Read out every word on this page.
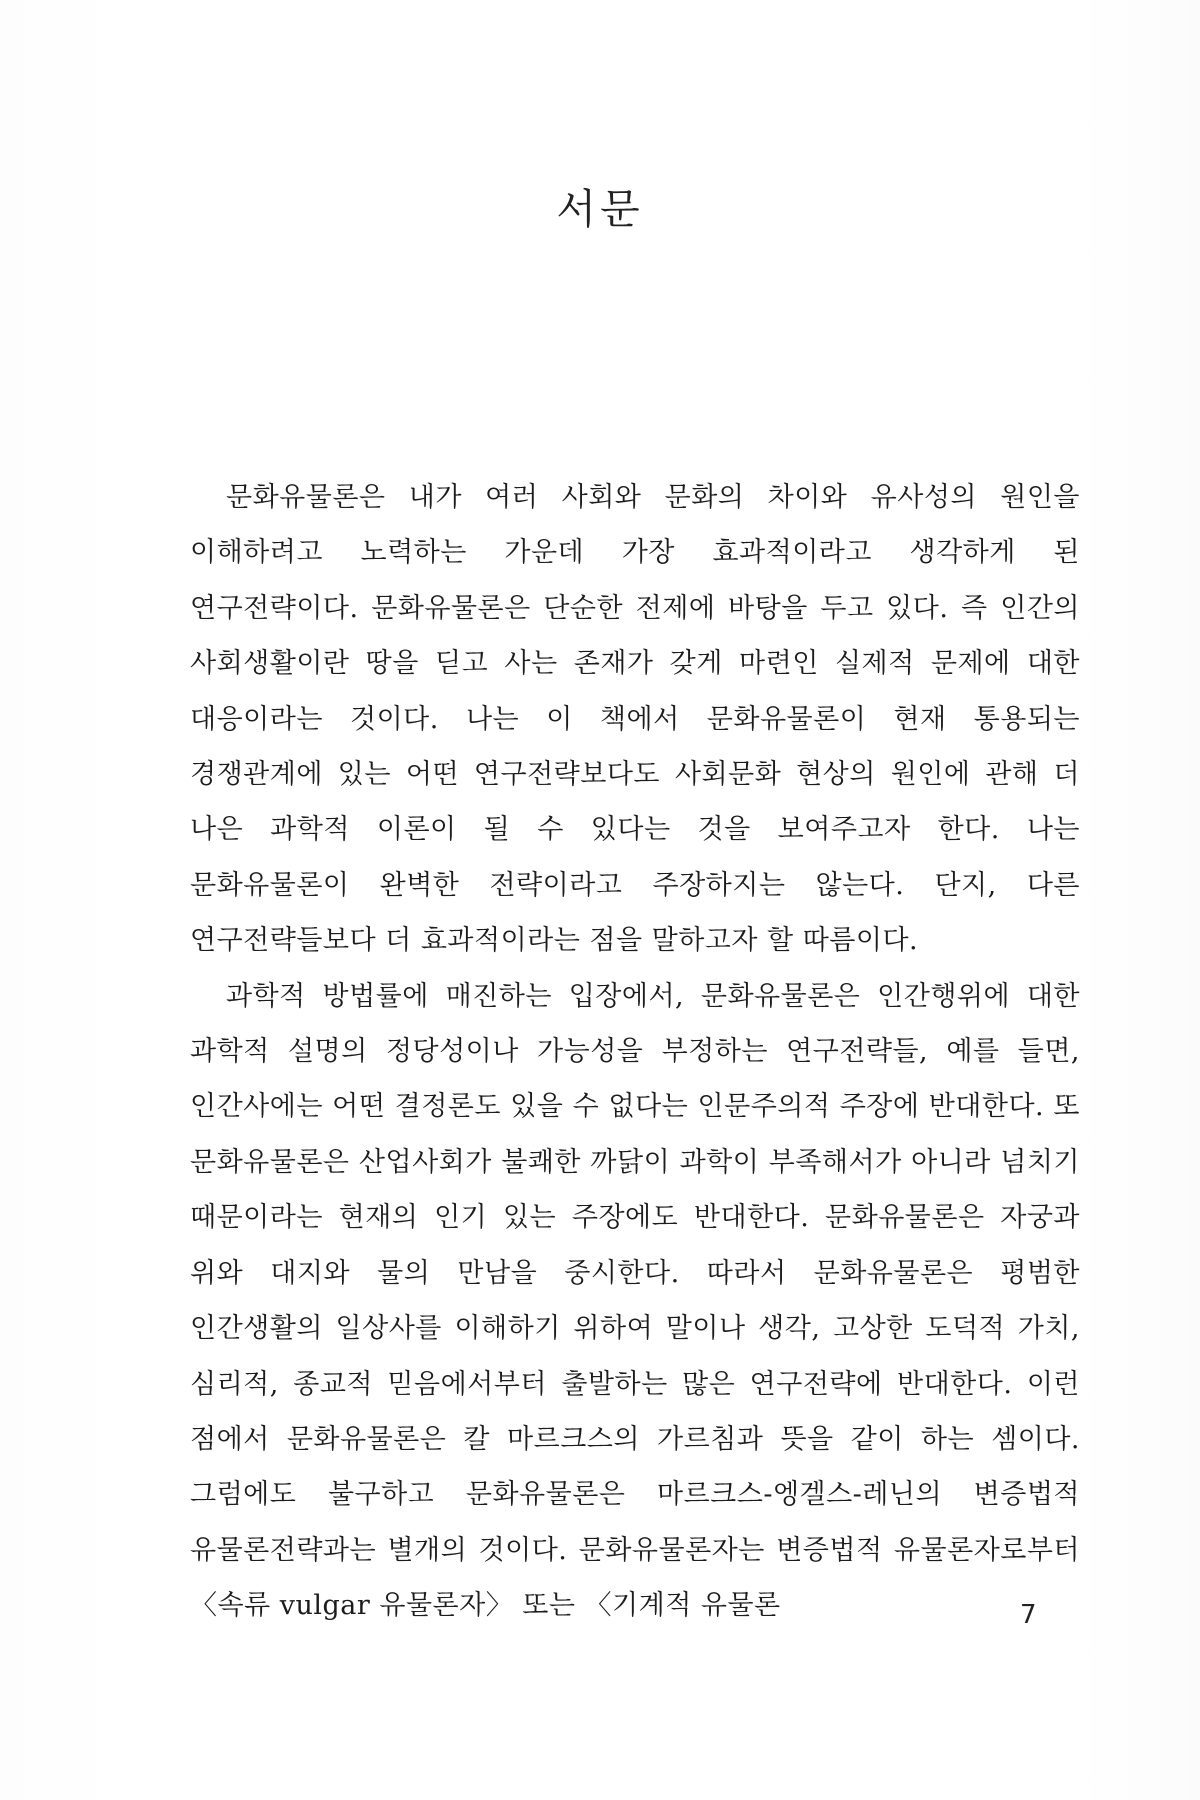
서문

문화유물론은 내가 여러 사회와 문화의 차이와 유사성의 원인을 이해하려고 노력하는 가운데 가장 효과적이라고 생각하게 된 연구전략이다. 문화유물론은 단순한 전제에 바탕을 두고 있다. 즉 인간의 사회생활이란 땅을 딛고 사는 존재가 갖게 마련인 실제적 문제에 대한 대응이라는 것이다. 나는 이 책에서 문화유물론이 현재 통용되는 경쟁관계에 있는 어떤 연구전략보다도 사회문화 현상의 원인에 관해 더 나은 과학적 이론이 될 수 있다는 것을 보여주고자 한다. 나는 문화유물론이 완벽한 전략이라고 주장하지는 않는다. 단지, 다른 연구전략들보다 더 효과적이라는 점을 말하고자 할 따름이다.

과학적 방법률에 매진하는 입장에서, 문화유물론은 인간행위에 대한 과학적 설명의 정당성이나 가능성을 부정하는 연구전략들, 예를 들면, 인간사에는 어떤 결정론도 있을 수 없다는 인문주의적 주장에 반대한다. 또 문화유물론은 산업사회가 불쾌한 까닭이 과학이 부족해서가 아니라 넘치기 때문이라는 현재의 인기 있는 주장에도 반대한다. 문화유물론은 자궁과 위와 대지와 물의 만남을 중시한다. 따라서 문화유물론은 평범한 인간생활의 일상사를 이해하기 위하여 말이나 생각, 고상한 도덕적 가치, 심리적, 종교적 믿음에서부터 출발하는 많은 연구전략에 반대한다. 이런 점에서 문화유물론은 칼 마르크스의 가르침과 뜻을 같이 하는 셈이다. 그럼에도 불구하고 문화유물론은 마르크스-엥겔스-레닌의 변증법적 유물론전략과는 별개의 것이다. 문화유물론자는 변증법적 유물론자로부터 〈속류 vulgar 유물론자〉 또는 〈기계적 유물론	7
